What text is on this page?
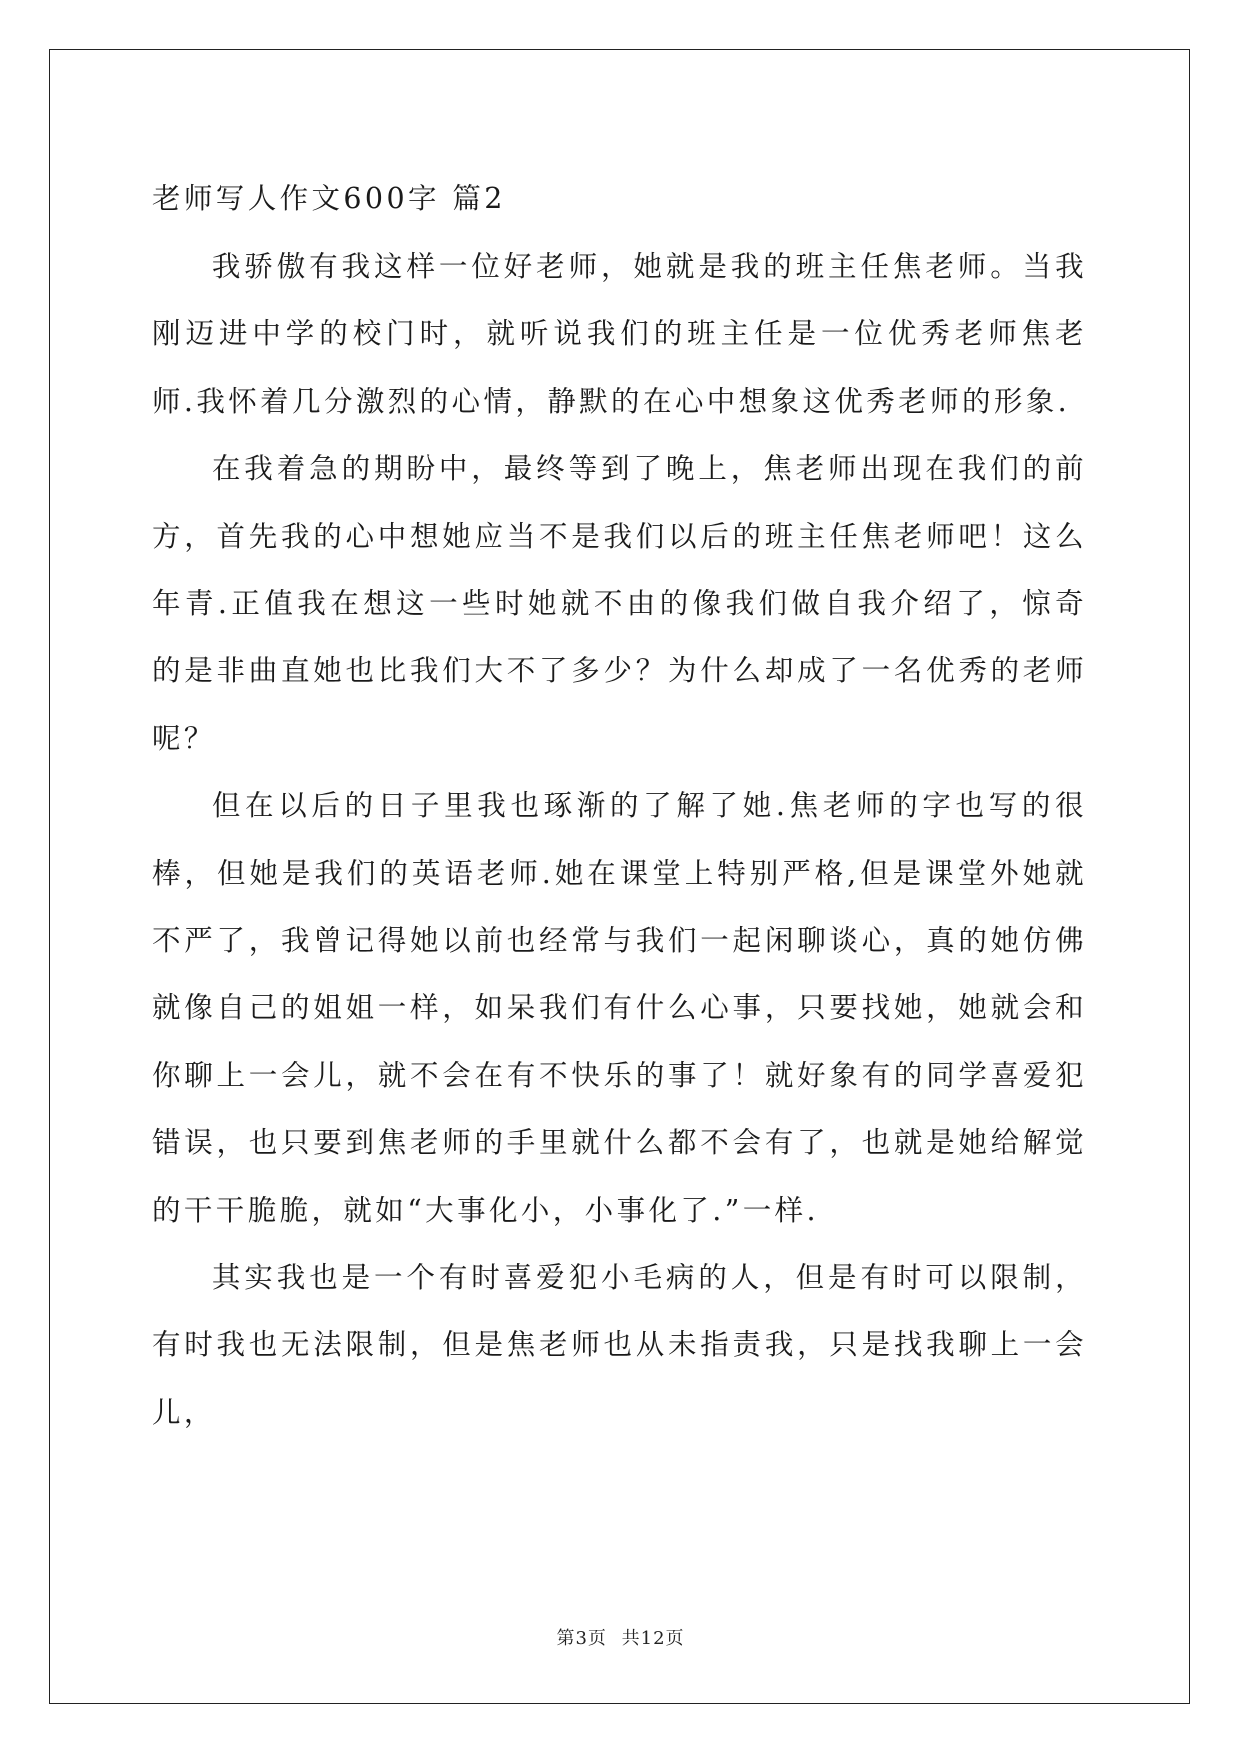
老师写人作文600字 篇2

我骄傲有我这样一位好老师，她就是我的班主任焦老师。当我刚迈进中学的校门时，就听说我们的班主任是一位优秀老师焦老师.我怀着几分激烈的心情，静默的在心中想象这优秀老师的形象.

在我着急的期盼中，最终等到了晚上，焦老师出现在我们的前方，首先我的心中想她应当不是我们以后的班主任焦老师吧！这么年青.正值我在想这一些时她就不由的像我们做自我介绍了，惊奇的是非曲直她也比我们大不了多少？为什么却成了一名优秀的老师呢？

但在以后的日子里我也琢渐的了解了她.焦老师的字也写的很棒，但她是我们的英语老师.她在课堂上特别严格,但是课堂外她就不严了，我曾记得她以前也经常与我们一起闲聊谈心，真的她仿佛就像自己的姐姐一样，如呆我们有什么心事，只要找她，她就会和你聊上一会儿，就不会在有不快乐的事了！就好象有的同学喜爱犯错误，也只要到焦老师的手里就什么都不会有了，也就是她给解觉的干干脆脆，就如“大事化小，小事化了.”一样.

其实我也是一个有时喜爱犯小毛病的人，但是有时可以限制，有时我也无法限制，但是焦老师也从未指责我，只是找我聊上一会儿，

第3页 共12页
